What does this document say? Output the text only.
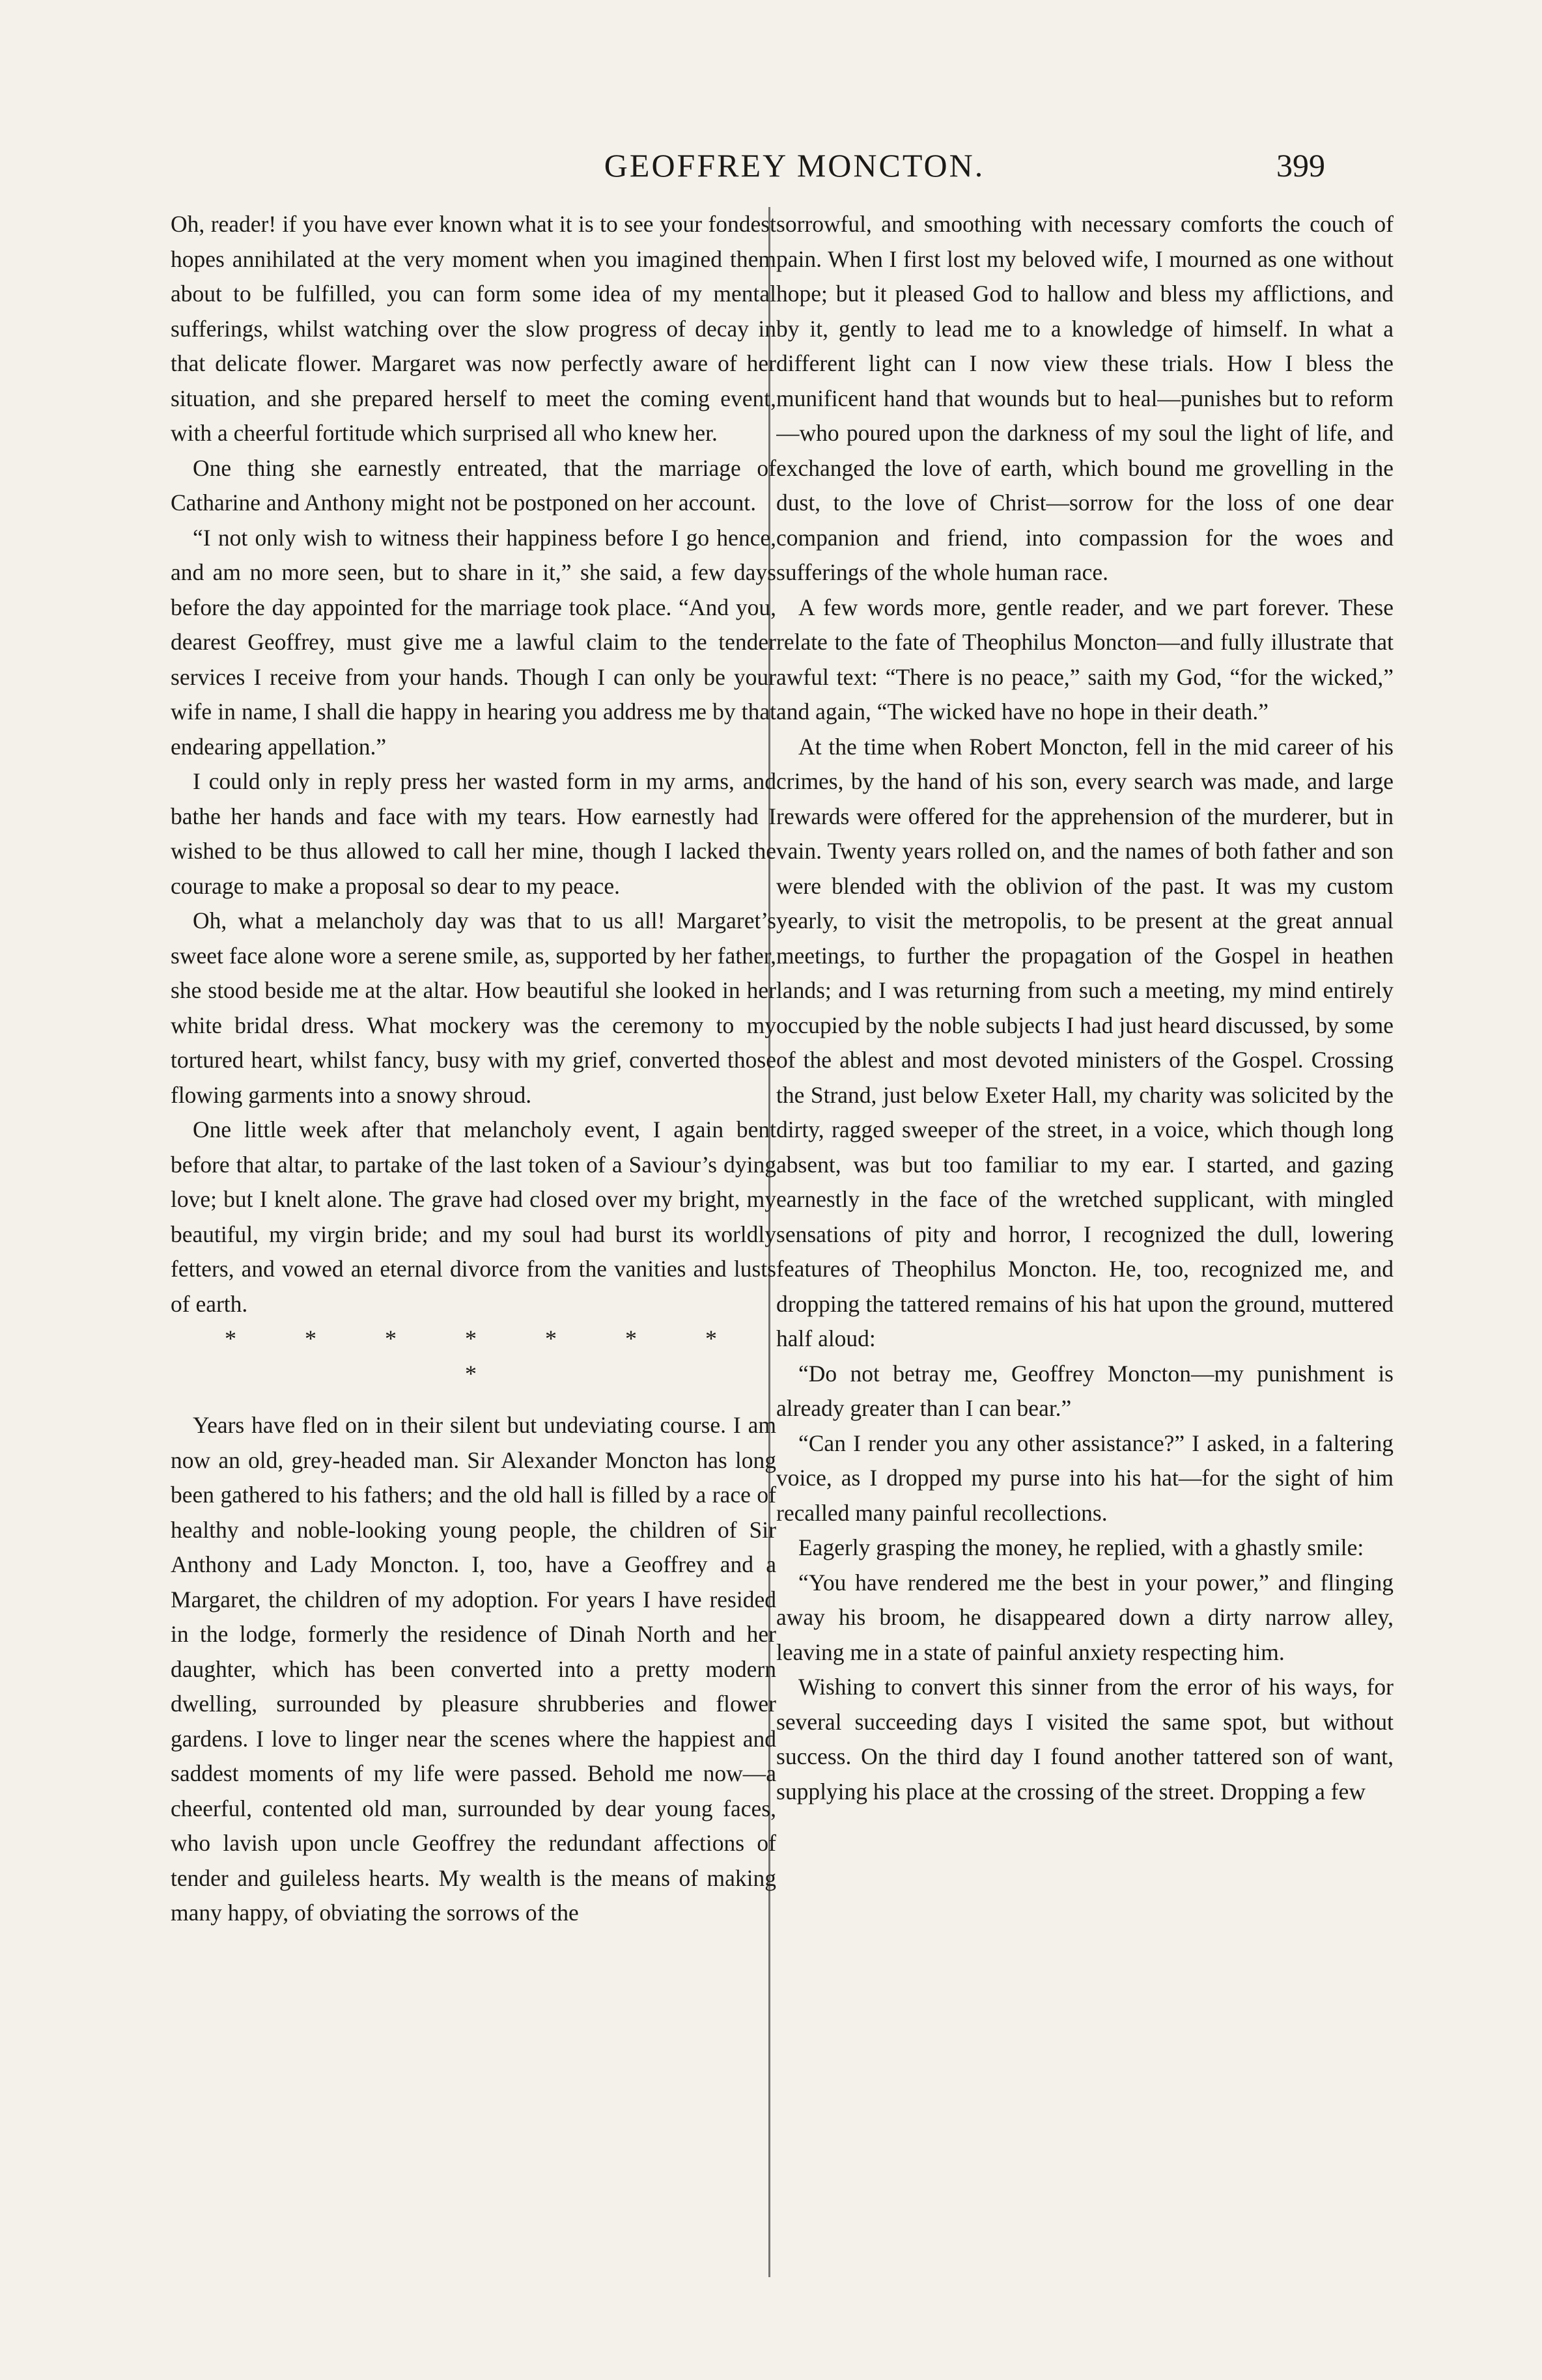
GEOFFREY MONCTON.	399

Oh, reader! if you have ever known what it is to see your fondest hopes annihilated at the very moment when you imagined them about to be fulfilled, you can form some idea of my mental sufferings, whilst watching over the slow progress of decay in that delicate flower. Margaret was now perfectly aware of her situation, and she prepared herself to meet the coming event, with a cheerful fortitude which surprised all who knew her.

One thing she earnestly entreated, that the marriage of Catharine and Anthony might not be postponed on her account.

“I not only wish to witness their happiness before I go hence, and am no more seen, but to share in it,” she said, a few days before the day appointed for the marriage took place. “And you, dearest Geoffrey, must give me a lawful claim to the tender services I receive from your hands. Though I can only be your wife in name, I shall die happy in hearing you address me by that endearing appellation.”

I could only in reply press her wasted form in my arms, and bathe her hands and face with my tears. How earnestly had I wished to be thus allowed to call her mine, though I lacked the courage to make a proposal so dear to my peace.

Oh, what a melancholy day was that to us all! Margaret’s sweet face alone wore a serene smile, as, supported by her father, she stood beside me at the altar. How beautiful she looked in her white bridal dress. What mockery was the ceremony to my tortured heart, whilst fancy, busy with my grief, converted those flowing garments into a snowy shroud.

One little week after that melancholy event, I again bent before that altar, to partake of the last token of a Saviour’s dying love; but I knelt alone. The grave had closed over my bright, my beautiful, my virgin bride; and my soul had burst its worldly fetters, and vowed an eternal divorce from the vanities and lusts of earth.

* * * * * * * *

Years have fled on in their silent but undeviating course. I am now an old, grey-headed man. Sir Alexander Moncton has long been gathered to his fathers; and the old hall is filled by a race of healthy and noble-looking young people, the children of Sir Anthony and Lady Moncton. I, too, have a Geoffrey and a Margaret, the children of my adoption. For years I have resided in the lodge, formerly the residence of Dinah North and her daughter, which has been converted into a pretty modern dwelling, surrounded by pleasure shrubberies and flower gardens. I love to linger near the scenes where the happiest and saddest moments of my life were passed. Behold me now—a cheerful, contented old man, surrounded by dear young faces, who lavish upon uncle Geoffrey the redundant affections of tender and guileless hearts. My wealth is the means of making many happy, of obviating the sorrows of the

sorrowful, and smoothing with necessary comforts the couch of pain. When I first lost my beloved wife, I mourned as one without hope; but it pleased God to hallow and bless my afflictions, and by it, gently to lead me to a knowledge of himself. In what a different light can I now view these trials. How I bless the munificent hand that wounds but to heal—punishes but to reform—who poured upon the darkness of my soul the light of life, and exchanged the love of earth, which bound me grovelling in the dust, to the love of Christ—sorrow for the loss of one dear companion and friend, into compassion for the woes and sufferings of the whole human race.

A few words more, gentle reader, and we part forever. These relate to the fate of Theophilus Moncton—and fully illustrate that awful text: “There is no peace,” saith my God, “for the wicked,” and again, “The wicked have no hope in their death.”

At the time when Robert Moncton, fell in the mid career of his crimes, by the hand of his son, every search was made, and large rewards were offered for the apprehension of the murderer, but in vain. Twenty years rolled on, and the names of both father and son were blended with the oblivion of the past. It was my custom yearly, to visit the metropolis, to be present at the great annual meetings, to further the propagation of the Gospel in heathen lands; and I was returning from such a meeting, my mind entirely occupied by the noble subjects I had just heard discussed, by some of the ablest and most devoted ministers of the Gospel. Crossing the Strand, just below Exeter Hall, my charity was solicited by the dirty, ragged sweeper of the street, in a voice, which though long absent, was but too familiar to my ear. I started, and gazing earnestly in the face of the wretched supplicant, with mingled sensations of pity and horror, I recognized the dull, lowering features of Theophilus Moncton. He, too, recognized me, and dropping the tattered remains of his hat upon the ground, muttered half aloud:

“Do not betray me, Geoffrey Moncton—my punishment is already greater than I can bear.”

“Can I render you any other assistance?” I asked, in a faltering voice, as I dropped my purse into his hat—for the sight of him recalled many painful recollections.

Eagerly grasping the money, he replied, with a ghastly smile:

“You have rendered me the best in your power,” and flinging away his broom, he disappeared down a dirty narrow alley, leaving me in a state of painful anxiety respecting him.

Wishing to convert this sinner from the error of his ways, for several succeeding days I visited the same spot, but without success. On the third day I found another tattered son of want, supplying his place at the crossing of the street. Dropping a few
